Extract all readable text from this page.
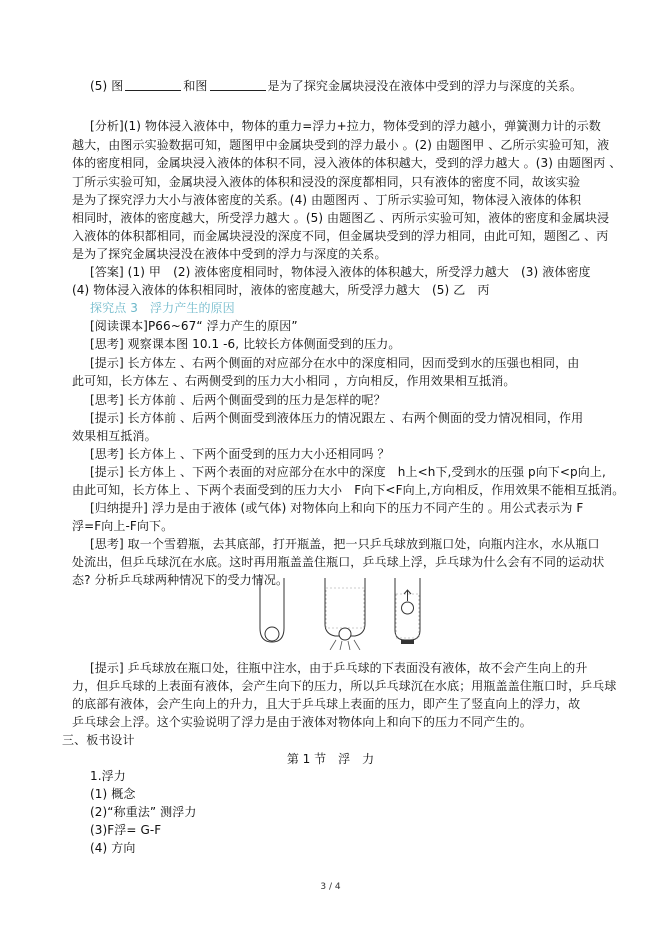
(5) 图	和图	是为了探究金属块浸没在液体中受到的浮力与深度的关系。
[分析](1) 物体浸入液体中，物体的重力=浮力+拉力，物体受到的浮力越小，弹簧测力计的示数
越大，由图示实验数据可知，题图甲中金属块受到的浮力最小 。(2) 由题图甲 、乙所示实验可知，液
体的密度相同，金属块浸入液体的体积不同，浸入液体的体积越大，受到的浮力越大 。(3) 由题图丙 、
丁所示实验可知，金属块浸入液体的体积和浸没的深度都相同，只有液体的密度不同，故该实验
是为了探究浮力大小与液体密度的关系。(4) 由题图丙 、丁所示实验可知，物体浸入液体的体积
相同时，液体的密度越大，所受浮力越大 。(5) 由题图乙 、丙所示实验可知，液体的密度和金属块浸
入液体的体积都相同，而金属块浸没的深度不同，但金属块受到的浮力相同，由此可知，题图乙 、丙
是为了探究金属块浸没在液体中受到的浮力与深度的关系。
[答案] (1) 甲　(2) 液体密度相同时，物体浸入液体的体积越大，所受浮力越大　(3) 液体密度
(4) 物体浸入液体的体积相同时，液体的密度越大，所受浮力越大　(5) 乙　丙
探究点 3　浮力产生的原因
[阅读课本]P66~67“ 浮力产生的原因”
[思考] 观察课本图 10.1 -6, 比较长方体侧面受到的压力。
[提示] 长方体左 、右两个侧面的对应部分在水中的深度相同，因而受到水的压强也相同，由
此可知，长方体左 、右两侧受到的压力大小相同 ，方向相反，作用效果相互抵消。
[思考] 长方体前 、后两个侧面受到的压力是怎样的呢？
[提示] 长方体前 、后两个侧面受到液体压力的情况跟左 、右两个侧面的受力情况相同，作用
效果相互抵消。
[思考] 长方体上 、下两个面受到的压力大小还相同吗 ？
[提示] 长方体上 、下两个表面的对应部分在水中的深度　h上<h下,受到水的压强 p向下<p向上,
由此可知，长方体上 、下两个表面受到的压力大小　F向下<F向上,方向相反，作用效果不能相互抵消。
[归纳提升] 浮力是由于液体 (或气体) 对物体向上和向下的压力不同产生的 。用公式表示为 F
浮=F向上-F向下。
[思考] 取一个雪碧瓶，去其底部，打开瓶盖，把一只乒乓球放到瓶口处，向瓶内注水，水从瓶口
处流出，但乒乓球沉在水底。这时再用瓶盖盖住瓶口，乒乓球上浮，乒乓球为什么会有不同的运动状
态? 分析乒乓球两种情况下的受力情况。
[提示] 乒乓球放在瓶口处，往瓶中注水，由于乒乓球的下表面没有液体，故不会产生向上的升
力，但乒乓球的上表面有液体，会产生向下的压力，所以乒乓球沉在水底；用瓶盖盖住瓶口时，乒乓球
的底部有液体，会产生向上的升力，且大于乒乓球上表面的压力，即产生了竖直向上的浮力，故
乒乓球会上浮。这个实验说明了浮力是由于液体对物体向上和向下的压力不同产生的。
三、板书设计
第 1 节　浮　力
1.浮力
(1) 概念
(2)“称重法” 测浮力
(3)F浮= G-F
(4) 方向
3 / 4
